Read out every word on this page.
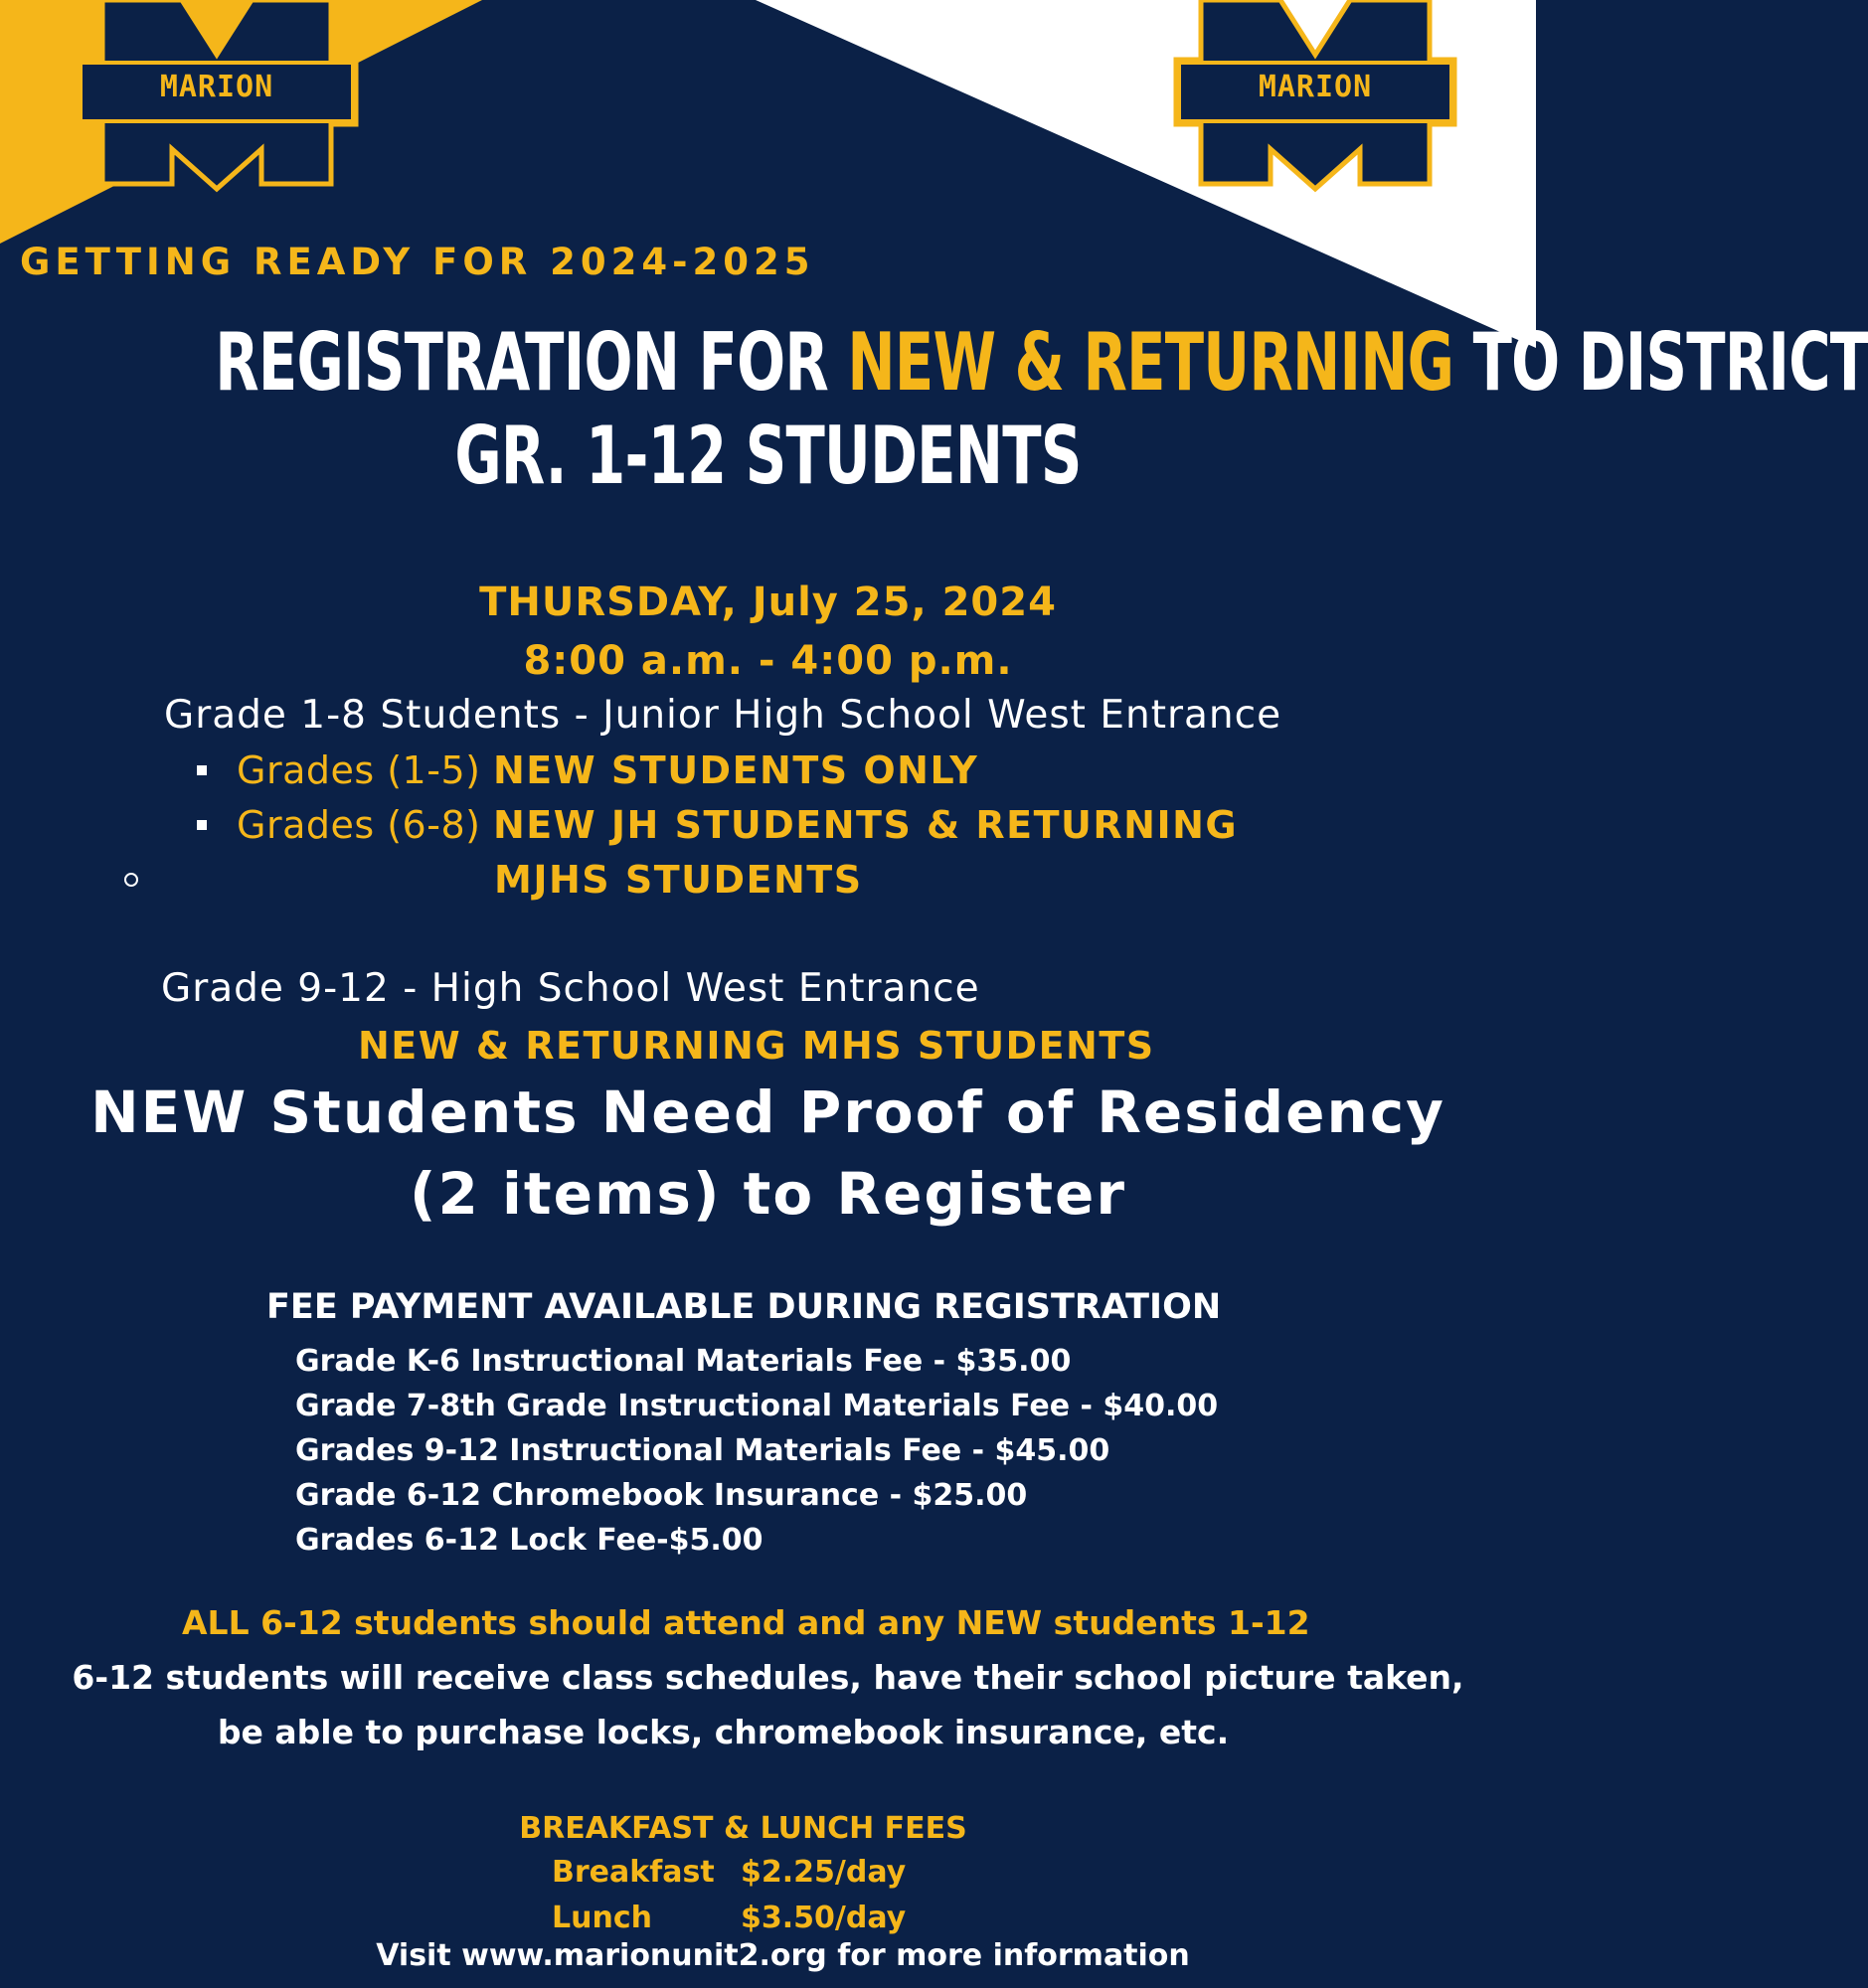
MARION	MARION
GETTING READY FOR 2024-2025
REGISTRATION FOR NEW & RETURNING TO DISTRICT
GR. 1-12 STUDENTS
THURSDAY, July 25, 2024
8:00 a.m. - 4:00 p.m.
Grade 1-8 Students - Junior High School West Entrance
Grades (1-5) NEW STUDENTS ONLY
Grades (6-8) NEW JH STUDENTS & RETURNING
MJHS STUDENTS
Grade 9-12 - High School West Entrance
NEW & RETURNING MHS STUDENTS
NEW Students Need Proof of Residency
(2 items) to Register
FEE PAYMENT AVAILABLE DURING REGISTRATION
Grade K-6 Instructional Materials Fee - $35.00
Grade 7-8th Grade Instructional Materials Fee - $40.00
Grades 9-12 Instructional Materials Fee - $45.00
Grade 6-12 Chromebook Insurance - $25.00
Grades 6-12 Lock Fee-$5.00
ALL 6-12 students should attend and any NEW students 1-12
6-12 students will receive class schedules, have their school picture taken,
be able to purchase locks, chromebook insurance, etc.
BREAKFAST & LUNCH FEES
Breakfast $2.25/day
Lunch	$3.50/day
Visit www.marionunit2.org for more information
